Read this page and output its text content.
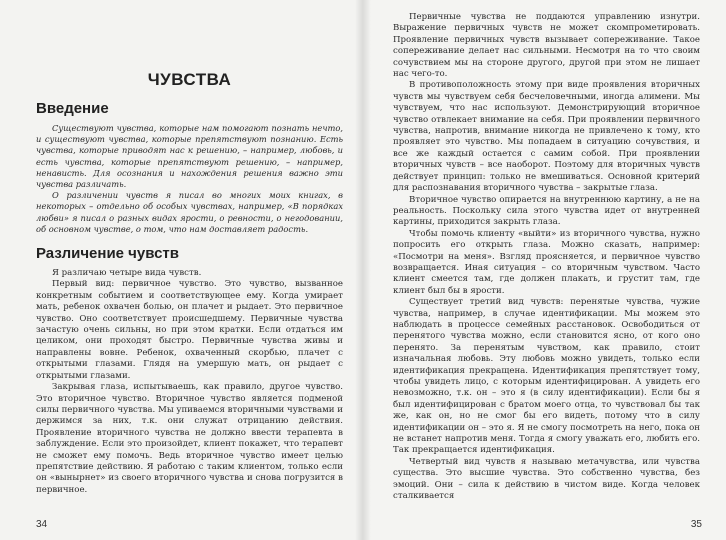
ЧУВСТВА
Введение

Существуют чувства, которые нам помогают познать нечто, и существуют чувства, которые препятствуют познанию. Есть чувства, которые приводят нас к решению, – например, любовь, и есть чувства, которые препятствуют решению, – например, ненависть. Для осознания и нахождения решения важно эти чувства различать.

О различении чувств я писал во многих моих книгах, в некоторых – отдельно об особых чувствах, например, «В порядках любви» я писал о разных видах ярости, о ревности, о негодовании, об основном чувстве, о том, что нам доставляет радость.

Различение чувств

Я различаю четыре вида чувств.

Первый вид: первичное чувство. Это чувство, вызванное конкретным событием и соответствующее ему. Когда умирает мать, ребенок охвачен болью, он плачет и рыдает. Это первичное чувство. Оно соответствует происшедшему. Первичные чувства зачастую очень сильны, но при этом кратки. Если отдаться им целиком, они проходят быстро. Первичные чувства живы и направлены вовне. Ребенок, охваченный скорбью, плачет с открытыми глазами. Глядя на умершую мать, он рыдает с открытыми глазами.

Закрывая глаза, испытываешь, как правило, другое чувство. Это вторичное чувство. Вторичное чувство является подменой силы первичного чувства. Мы упиваемся вторичными чувствами и держимся за них, т.к. они служат отрицанию действия. Проявление вторичного чувства не должно ввести терапевта в заблуждение. Если это произойдет, клиент покажет, что терапевт не сможет ему помочь. Ведь вторичное чувство имеет целью препятствие действию. Я работаю с таким клиентом, только если он «вынырнет» из своего вторичного чувства и снова погрузится в первичное.

34

Первичные чувства не поддаются управлению изнутри. Выражение первичных чувств не может скомпрометировать. Проявление первичных чувств вызывает сопереживание. Такое сопереживание делает нас сильными. Несмотря на то что своим сочувствием мы на стороне другого, другой при этом не лишает нас чего-то.

В противоположность этому при виде проявления вторичных чувств мы чувствуем себя бесчеловечными, иногда алимени. Мы чувствуем, что нас используют. Демонстрирующий вторичное чувство отвлекает внимание на себя. При проявлении первичного чувства, напротив, внимание никогда не привлечено к тому, кто проявляет это чувство. Мы попадаем в ситуацию сочувствия, и все же каждый остается с самим собой. При проявлении вторичных чувств – все наоборот. Поэтому для вторичных чувств действует принцип: только не вмешиваться. Основной критерий для распознавания вторичного чувства – закрытые глаза.

Вторичное чувство опирается на внутреннюю картину, а не на реальность. Поскольку сила этого чувства идет от внутренней картины, приходится закрыть глаза.

Чтобы помочь клиенту «выйти» из вторичного чувства, нужно попросить его открыть глаза. Можно сказать, например: «Посмотри на меня». Взгляд проясняется, и первичное чувство возвращается. Иная ситуация – со вторичным чувством. Часто клиент смеется там, где должен плакать, и грустит там, где клиент был бы в ярости.

Существует третий вид чувств: перенятые чувства, чужие чувства, например, в случае идентификации. Мы можем это наблюдать в процессе семейных расстановок. Освободиться от перенятого чувства можно, если становится ясно, от кого оно перенято. За перенятым чувством, как правило, стоит изначальная любовь. Эту любовь можно увидеть, только если идентификация прекращена. Идентификация препятствует тому, чтобы увидеть лицо, с которым идентифицирован. А увидеть его невозможно, т.к. он – это я (в силу идентификации). Если бы я был идентифицирован с братом моего отца, то чувствовал бы так же, как он, но не смог бы его видеть, потому что в силу идентификации он – это я. Я не смогу посмотреть на него, пока он не встанет напротив меня. Тогда я смогу уважать его, любить его. Так прекращается идентификация.

Четвертый вид чувств я называю метачувства, или чувства существа. Это высшие чувства. Это собственно чувства, без эмоций. Они – сила к действию в чистом виде. Когда человек сталкивается

35
